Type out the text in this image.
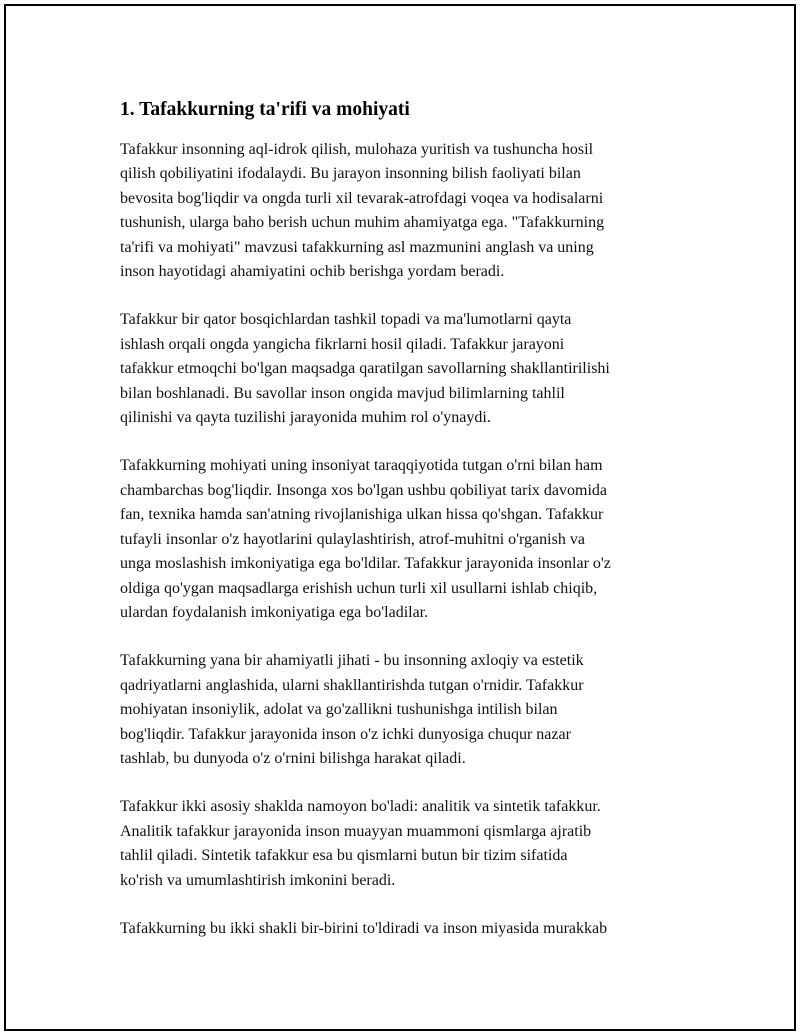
1. Tafakkurning ta'rifi va mohiyati

Tafakkur insonning aql-idrok qilish, mulohaza yuritish va tushuncha hosil
qilish qobiliyatini ifodalaydi. Bu jarayon insonning bilish faoliyati bilan
bevosita bog'liqdir va ongda turli xil tevarak-atrofdagi voqea va hodisalarni
tushunish, ularga baho berish uchun muhim ahamiyatga ega. "Tafakkurning
ta'rifi va mohiyati" mavzusi tafakkurning asl mazmunini anglash va uning
inson hayotidagi ahamiyatini ochib berishga yordam beradi.

Tafakkur bir qator bosqichlardan tashkil topadi va ma'lumotlarni qayta
ishlash orqali ongda yangicha fikrlarni hosil qiladi. Tafakkur jarayoni
tafakkur etmoqchi bo'lgan maqsadga qaratilgan savollarning shakllantirilishi
bilan boshlanadi. Bu savollar inson ongida mavjud bilimlarning tahlil
qilinishi va qayta tuzilishi jarayonida muhim rol o'ynaydi.

Tafakkurning mohiyati uning insoniyat taraqqiyotida tutgan o'rni bilan ham
chambarchas bog'liqdir. Insonga xos bo'lgan ushbu qobiliyat tarix davomida
fan, texnika hamda san'atning rivojlanishiga ulkan hissa qo'shgan. Tafakkur
tufayli insonlar o'z hayotlarini qulaylashtirish, atrof-muhitni o'rganish va
unga moslashish imkoniyatiga ega bo'ldilar. Tafakkur jarayonida insonlar o'z
oldiga qo'ygan maqsadlarga erishish uchun turli xil usullarni ishlab chiqib,
ulardan foydalanish imkoniyatiga ega bo'ladilar.

Tafakkurning yana bir ahamiyatli jihati - bu insonning axloqiy va estetik
qadriyatlarni anglashida, ularni shakllantirishda tutgan o'rnidir. Tafakkur
mohiyatan insoniylik, adolat va go'zallikni tushunishga intilish bilan
bog'liqdir. Tafakkur jarayonida inson o'z ichki dunyosiga chuqur nazar
tashlab, bu dunyoda o'z o'rnini bilishga harakat qiladi.

Tafakkur ikki asosiy shaklda namoyon bo'ladi: analitik va sintetik tafakkur.
Analitik tafakkur jarayonida inson muayyan muammoni qismlarga ajratib
tahlil qiladi. Sintetik tafakkur esa bu qismlarni butun bir tizim sifatida
ko'rish va umumlashtirish imkonini beradi.

Tafakkurning bu ikki shakli bir-birini to'ldiradi va inson miyasida murakkab
